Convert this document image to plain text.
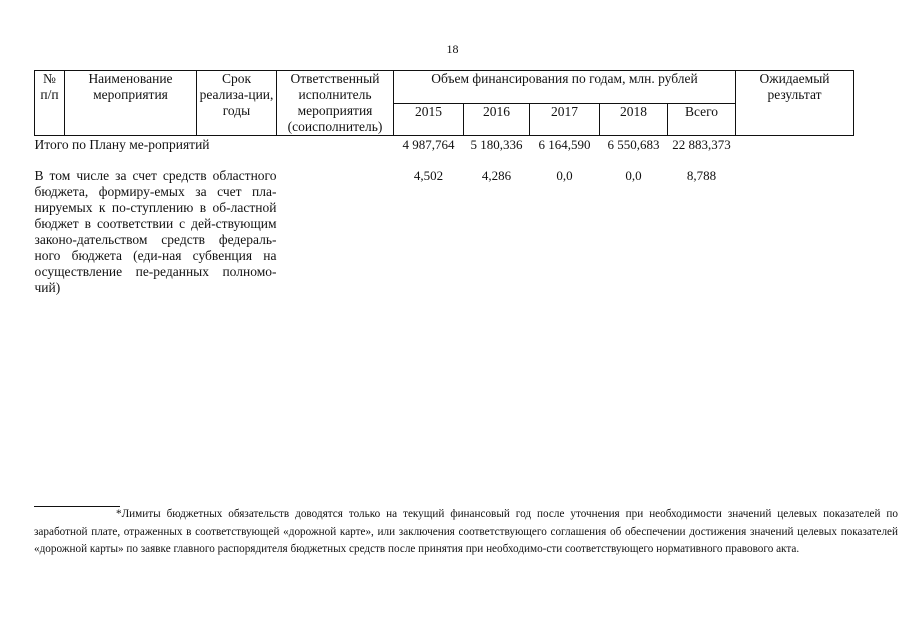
18
№ п/п	Наименование мероприятия	Срок реализа-ции, годы	Ответственный исполнитель мероприятия (соисполнитель)	Объем финансирования по годам, млн. рублей					Ожидаемый результат
				2015	2016	2017	2018	Всего	
Итого по Плану ме-роприятий				4 987,764	5 180,336	6 164,590	6 550,683	22 883,373	
В том числе за счет средств областного бюджета, формиру-емых за счет пла-нируемых к по-ступлению в об-ластной бюджет в соответствии с дей-ствующим законо-дательством средств федераль-ного бюджета (еди-ная субвенция на осуществление пе-реданных полномо-чий)				4,502	4,286	0,0	0,0	8,788	
*Лимиты бюджетных обязательств доводятся только на текущий финансовый год после уточнения при необходимости значений целевых показателей по заработной плате, отраженных в соответствующей «дорожной карте», или заключения соответствующего соглашения об обеспечении достижения значений целевых показателей «дорожной карты» по заявке главного распорядителя бюджетных средств после принятия при необходимо-сти соответствующего нормативного правового акта.
